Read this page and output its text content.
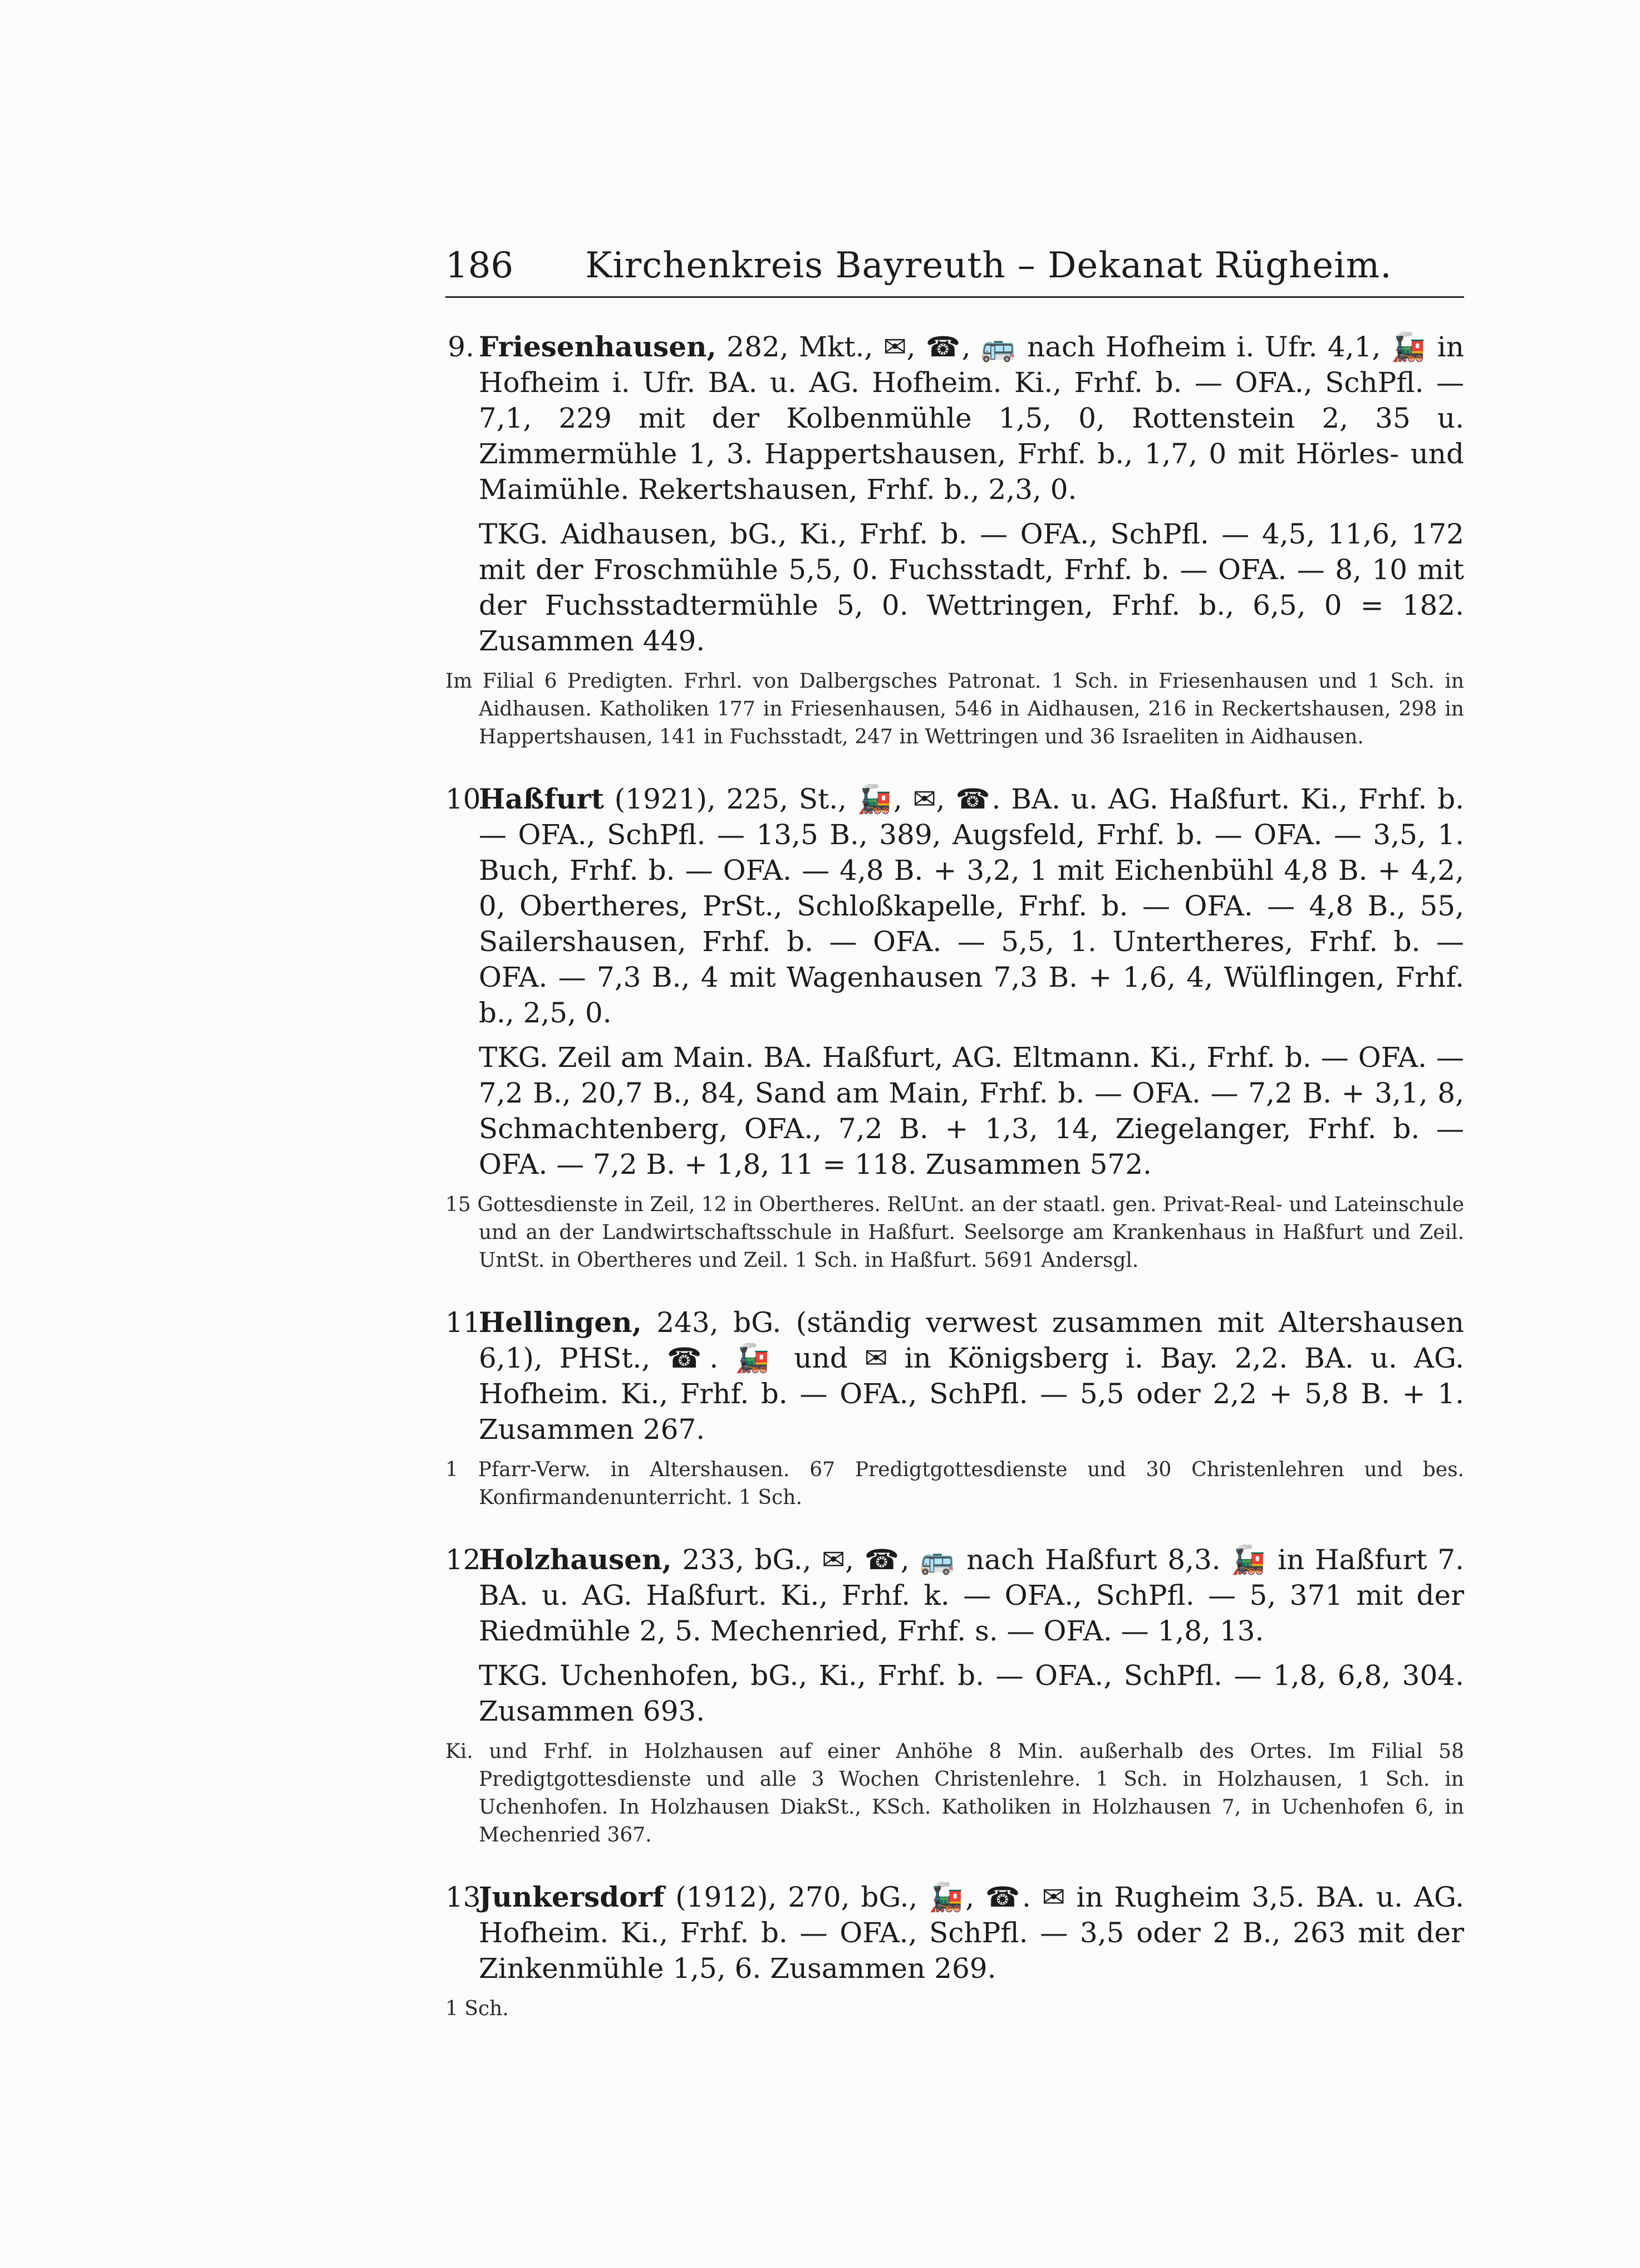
186	Kirchenkreis Bayreuth – Dekanat Rügheim.

9. Friesenhausen, 282, Mkt., ✉, ☎, 🚌 nach Hofheim i. Ufr. 4,1, 🚂 in Hofheim i. Ufr. BA. u. AG. Hofheim. Ki., Frhf. b. — OFA., SchPfl. — 7,1, 229 mit der Kolbenmühle 1,5, 0, Rottenstein 2, 35 u. Zimmermühle 1, 3. Happertshausen, Frhf. b., 1,7, 0 mit Hörles- und Maimühle. Rekertshausen, Frhf. b., 2,3, 0.

TKG. Aidhausen, bG., Ki., Frhf. b. — OFA., SchPfl. — 4,5, 11,6, 172 mit der Froschmühle 5,5, 0. Fuchsstadt, Frhf. b. — OFA. — 8, 10 mit der Fuchsstadtermühle 5, 0. Wettringen, Frhf. b., 6,5, 0 = 182. Zusammen 449.

Im Filial 6 Predigten. Frhrl. von Dalbergsches Patronat. 1 Sch. in Friesenhausen und 1 Sch. in Aidhausen. Katholiken 177 in Friesenhausen, 546 in Aidhausen, 216 in Reckertshausen, 298 in Happertshausen, 141 in Fuchsstadt, 247 in Wettringen und 36 Israeliten in Aidhausen.

10.Haßfurt (1921), 225, St., 🚂, ✉, ☎. BA. u. AG. Haßfurt. Ki., Frhf. b. — OFA., SchPfl. — 13,5 B., 389, Augsfeld, Frhf. b. — OFA. — 3,5, 1. Buch, Frhf. b. — OFA. — 4,8 B. + 3,2, 1 mit Eichenbühl 4,8 B. + 4,2, 0, Obertheres, PrSt., Schloßkapelle, Frhf. b. — OFA. — 4,8 B., 55, Sailershausen, Frhf. b. — OFA. — 5,5, 1. Untertheres, Frhf. b. — OFA. — 7,3 B., 4 mit Wagenhausen 7,3 B. + 1,6, 4, Wülflingen, Frhf. b., 2,5, 0.

TKG. Zeil am Main. BA. Haßfurt, AG. Eltmann. Ki., Frhf. b. — OFA. — 7,2 B., 20,7 B., 84, Sand am Main, Frhf. b. — OFA. — 7,2 B. + 3,1, 8, Schmachtenberg, OFA., 7,2 B. + 1,3, 14, Ziegelanger, Frhf. b. — OFA. — 7,2 B. + 1,8, 11 = 118. Zusammen 572.

15 Gottesdienste in Zeil, 12 in Obertheres. RelUnt. an der staatl. gen. Privat-Real- und Lateinschule und an der Landwirtschaftsschule in Haßfurt. Seelsorge am Krankenhaus in Haßfurt und Zeil. UntSt. in Obertheres und Zeil. 1 Sch. in Haßfurt. 5691 Andersgl.

11.Hellingen, 243, bG. (ständig verwest zusammen mit Altershausen 6,1), PHSt., ☎. 🚂 und ✉ in Königsberg i. Bay. 2,2. BA. u. AG. Hofheim. Ki., Frhf. b. — OFA., SchPfl. — 5,5 oder 2,2 + 5,8 B. + 1. Zusammen 267.

1 Pfarr-Verw. in Altershausen. 67 Predigtgottesdienste und 30 Christenlehren und bes. Konfirmandenunterricht. 1 Sch.

12.Holzhausen, 233, bG., ✉, ☎, 🚌 nach Haßfurt 8,3. 🚂 in Haßfurt 7. BA. u. AG. Haßfurt. Ki., Frhf. k. — OFA., SchPfl. — 5, 371 mit der Riedmühle 2, 5. Mechenried, Frhf. s. — OFA. — 1,8, 13.

TKG. Uchenhofen, bG., Ki., Frhf. b. — OFA., SchPfl. — 1,8, 6,8, 304. Zusammen 693.

Ki. und Frhf. in Holzhausen auf einer Anhöhe 8 Min. außerhalb des Ortes. Im Filial 58 Predigtgottesdienste und alle 3 Wochen Christenlehre. 1 Sch. in Holzhausen, 1 Sch. in Uchenhofen. In Holzhausen DiakSt., KSch. Katholiken in Holzhausen 7, in Uchenhofen 6, in Mechenried 367.

13.Junkersdorf (1912), 270, bG., 🚂, ☎. ✉ in Rugheim 3,5. BA. u. AG. Hofheim. Ki., Frhf. b. — OFA., SchPfl. — 3,5 oder 2 B., 263 mit der Zinkenmühle 1,5, 6. Zusammen 269.

1 Sch.
